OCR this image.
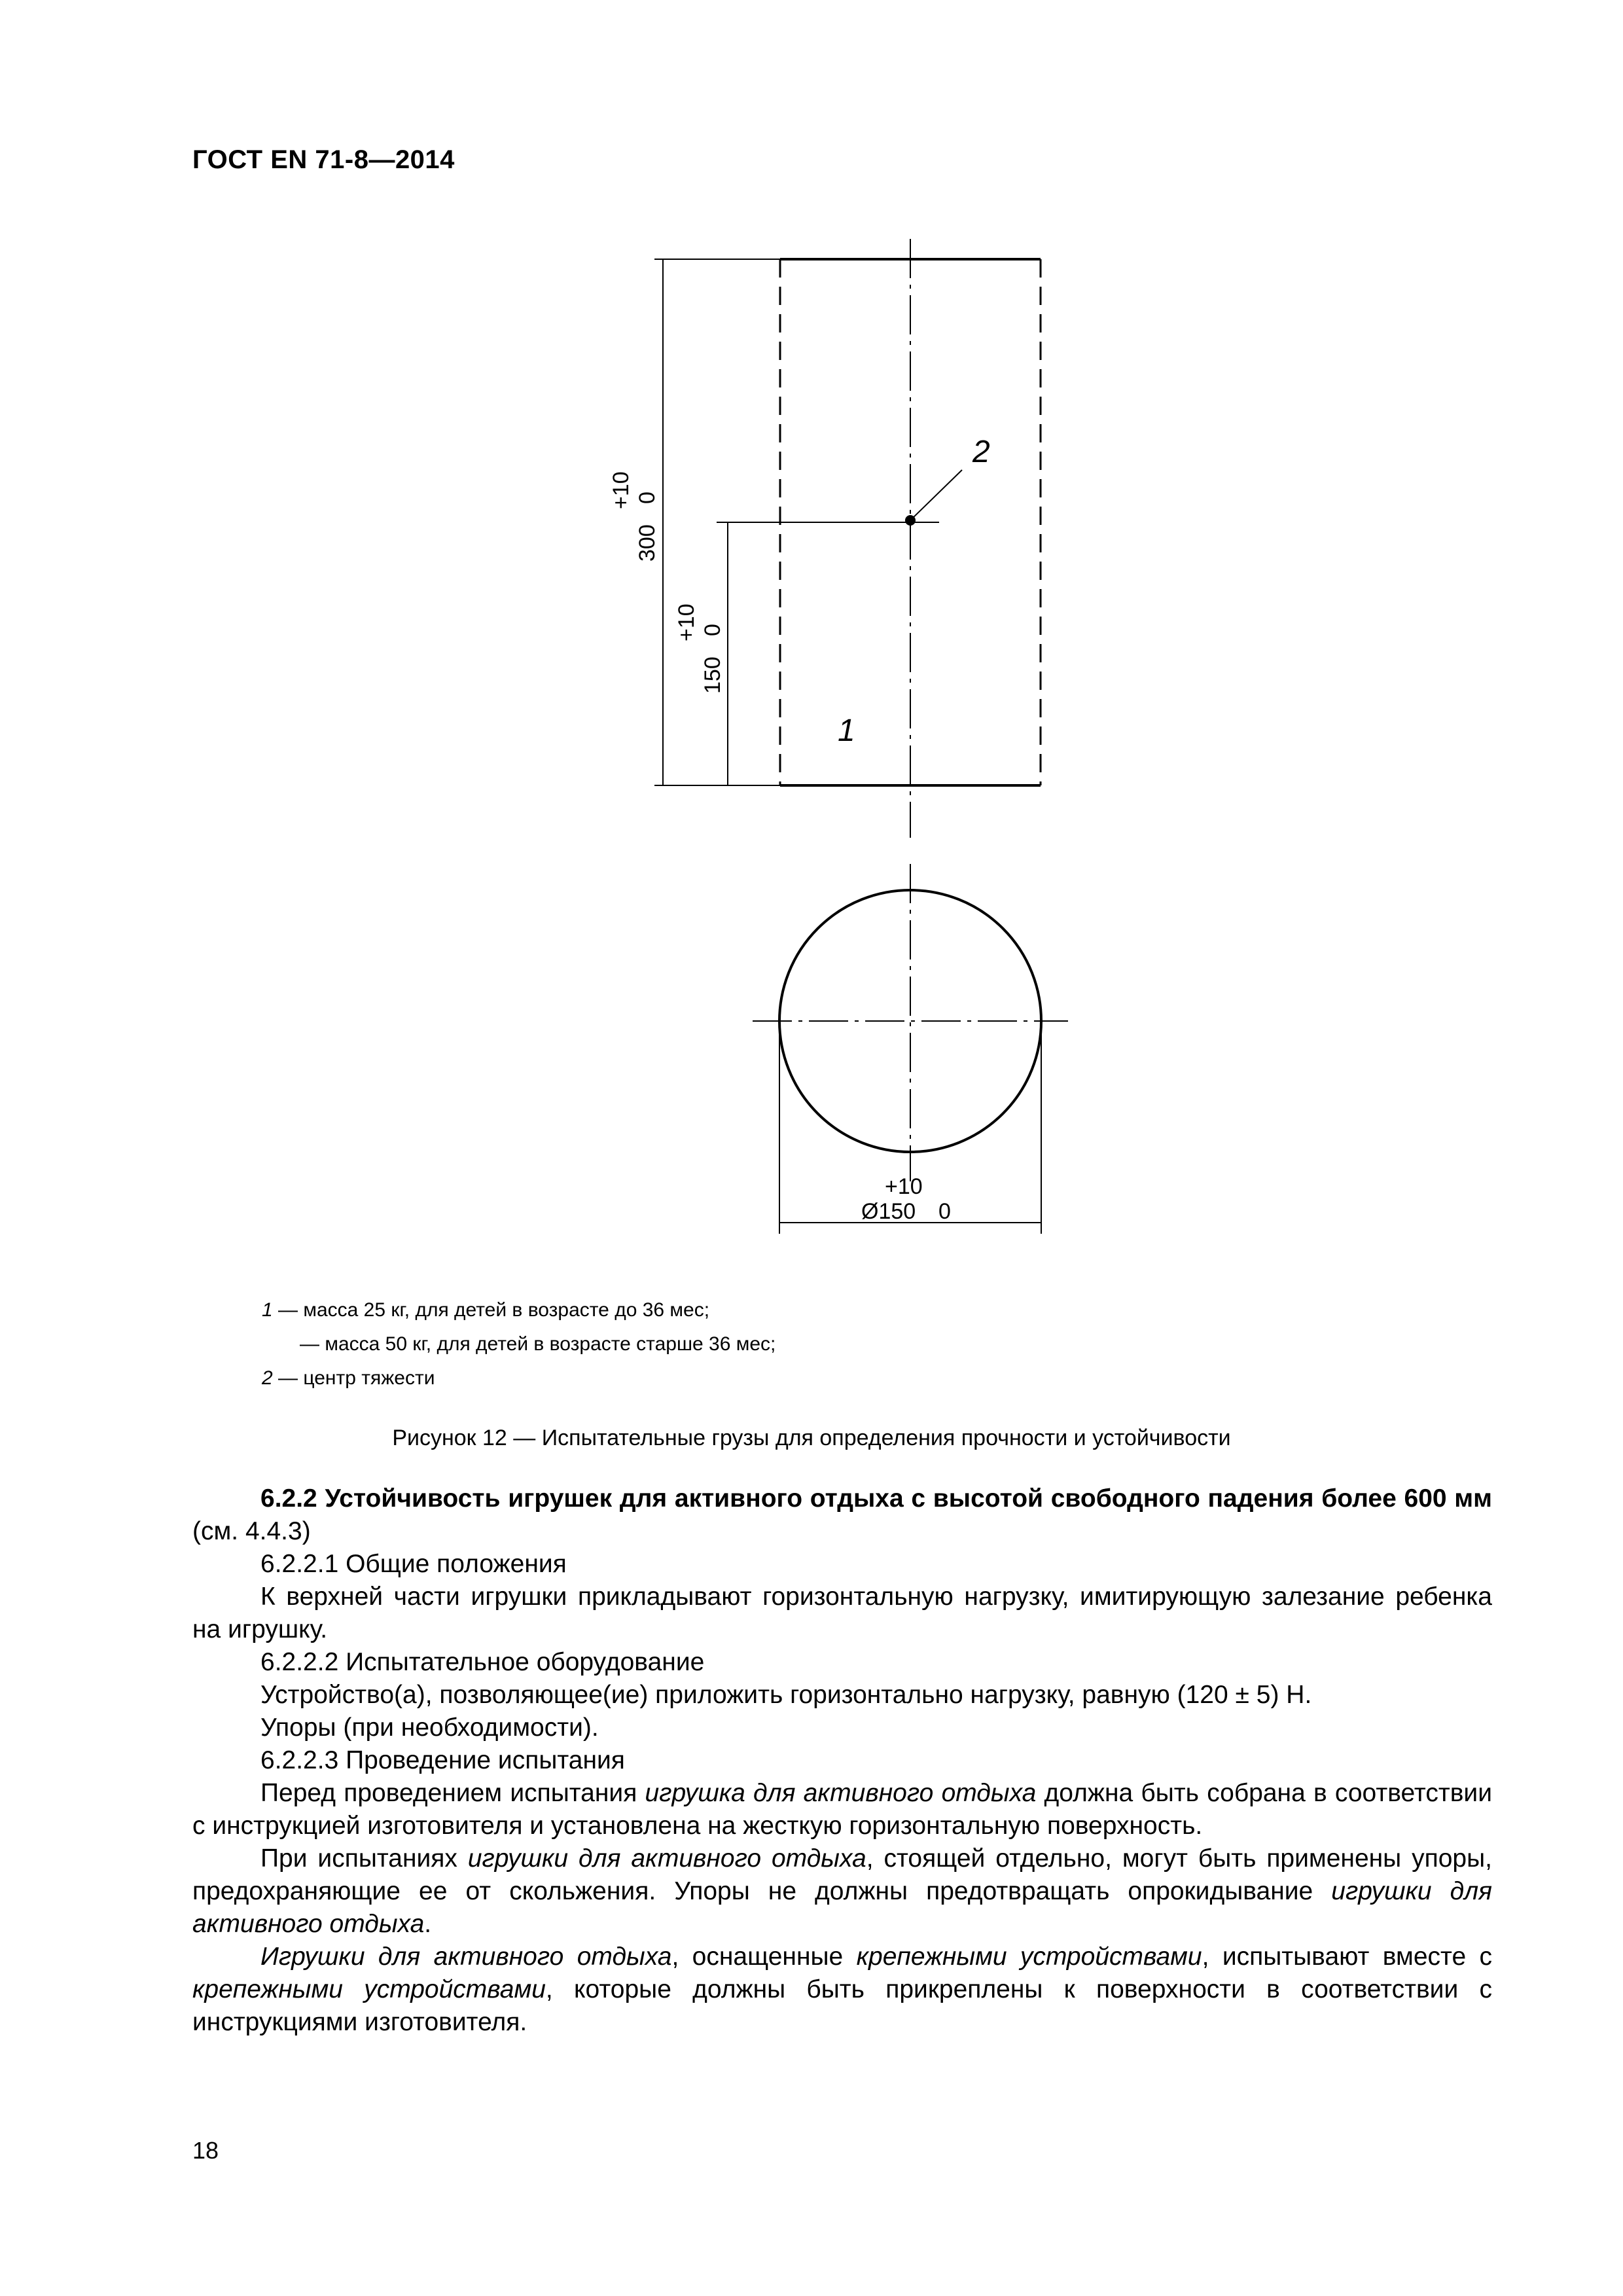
ГОСТ EN 71-8—2014
300
+10 0
150
+10 0
+10
Ø150 0
2
1
1 — масса 25 кг, для детей в возрасте до 36 мес;
— масса 50 кг, для детей в возрасте старше 36 мес;
2 — центр тяжести
Рисунок 12 — Испытательные грузы для определения прочности и устойчивости
6.2.2 Устойчивость игрушек для активного отдыха с высотой свободного падения более 600 мм (см. 4.4.3)
6.2.2.1 Общие положения
К верхней части игрушки прикладывают горизонтальную нагрузку, имитирующую залезание ребенка на игрушку.
6.2.2.2 Испытательное оборудование
Устройство(а), позволяющее(ие) приложить горизонтально нагрузку, равную (120 ± 5) Н.
Упоры (при необходимости).
6.2.2.3 Проведение испытания
Перед проведением испытания игрушка для активного отдыха должна быть собрана в соответствии с инструкцией изготовителя и установлена на жесткую горизонтальную поверхность.
При испытаниях игрушки для активного отдыха, стоящей отдельно, могут быть применены упоры, предохраняющие ее от скольжения. Упоры не должны предотвращать опрокидывание игрушки для активного отдыха.
Игрушки для активного отдыха, оснащенные крепежными устройствами, испытывают вместе с крепежными устройствами, которые должны быть прикреплены к поверхности в соответствии с инструкциями изготовителя.
18
